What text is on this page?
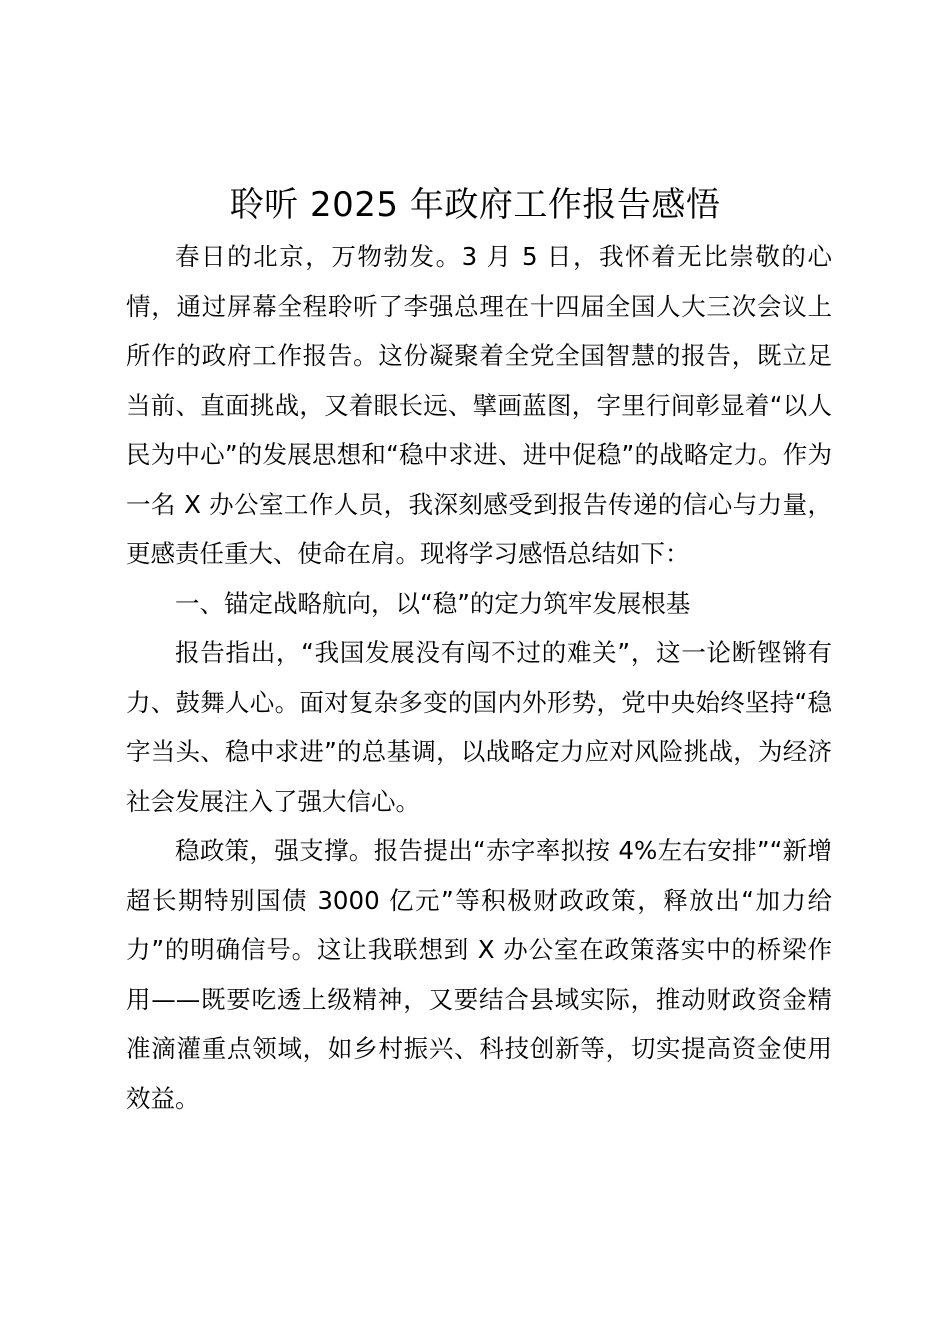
聆听 2025 年政府工作报告感悟

春日的北京，万物勃发。3 月 5 日，我怀着无比崇敬的心情，通过屏幕全程聆听了李强总理在十四届全国人大三次会议上所作的政府工作报告。这份凝聚着全党全国智慧的报告，既立足当前、直面挑战，又着眼长远、擘画蓝图，字里行间彰显着“以人民为中心”的发展思想和“稳中求进、进中促稳”的战略定力。作为一名 X 办公室工作人员，我深刻感受到报告传递的信心与力量，更感责任重大、使命在肩。现将学习感悟总结如下：

一、锚定战略航向，以“稳”的定力筑牢发展根基

报告指出，“我国发展没有闯不过的难关”，这一论断铿锵有力、鼓舞人心。面对复杂多变的国内外形势，党中央始终坚持“稳字当头、稳中求进”的总基调，以战略定力应对风险挑战，为经济社会发展注入了强大信心。

稳政策，强支撑。报告提出“赤字率拟按 4%左右安排”“新增超长期特别国债 3000 亿元”等积极财政政策，释放出“加力给力”的明确信号。这让我联想到 X 办公室在政策落实中的桥梁作用——既要吃透上级精神，又要结合县域实际，推动财政资金精准滴灌重点领域，如乡村振兴、科技创新等，切实提高资金使用效益。
